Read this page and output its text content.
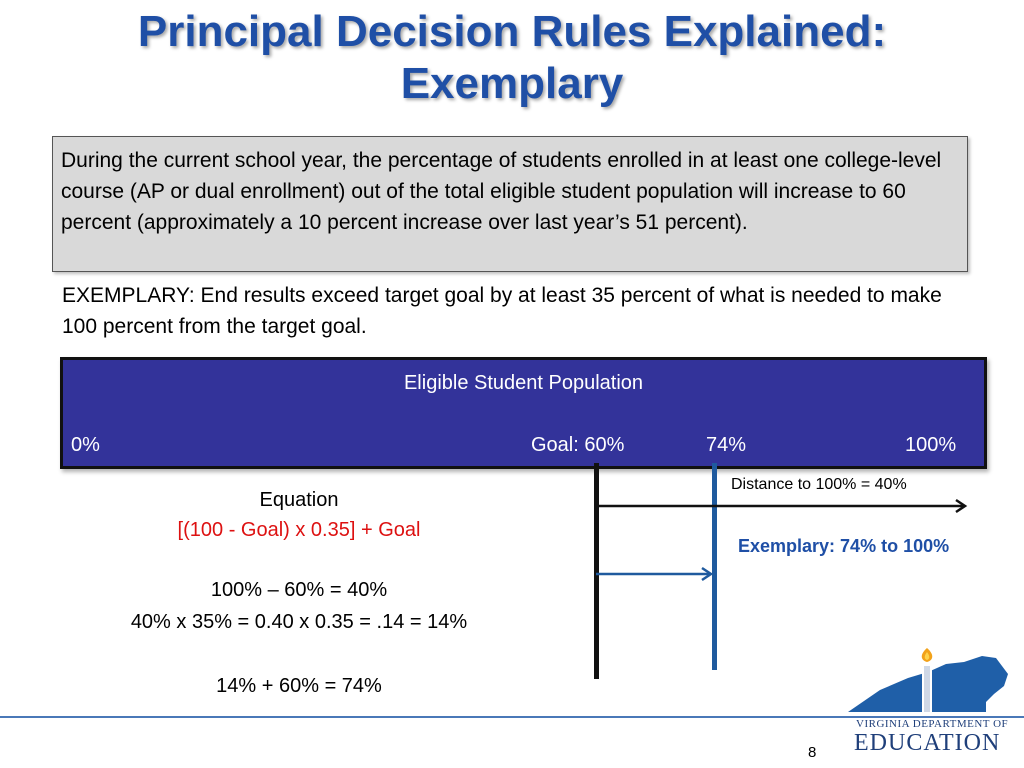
Principal Decision Rules Explained:
Exemplary
During the current school year, the percentage of students enrolled in at least one college-level course (AP or dual enrollment) out of the total eligible student population will increase to 60 percent (approximately a 10 percent increase over last year’s 51 percent).
EXEMPLARY: End results exceed target goal by at least 35 percent of what is needed to make 100 percent from the target goal.
Eligible Student Population
0%	Goal: 60%	74%	100%
Distance to 100% = 40%
Exemplary: 74% to 100%
Equation
[(100 - Goal) x 0.35] + Goal
100% – 60% = 40%
40% x 35% = 0.40 x 0.35 = .14 = 14%
14% + 60% = 74%
VIRGINIA DEPARTMENT OF
EDUCATION
8
